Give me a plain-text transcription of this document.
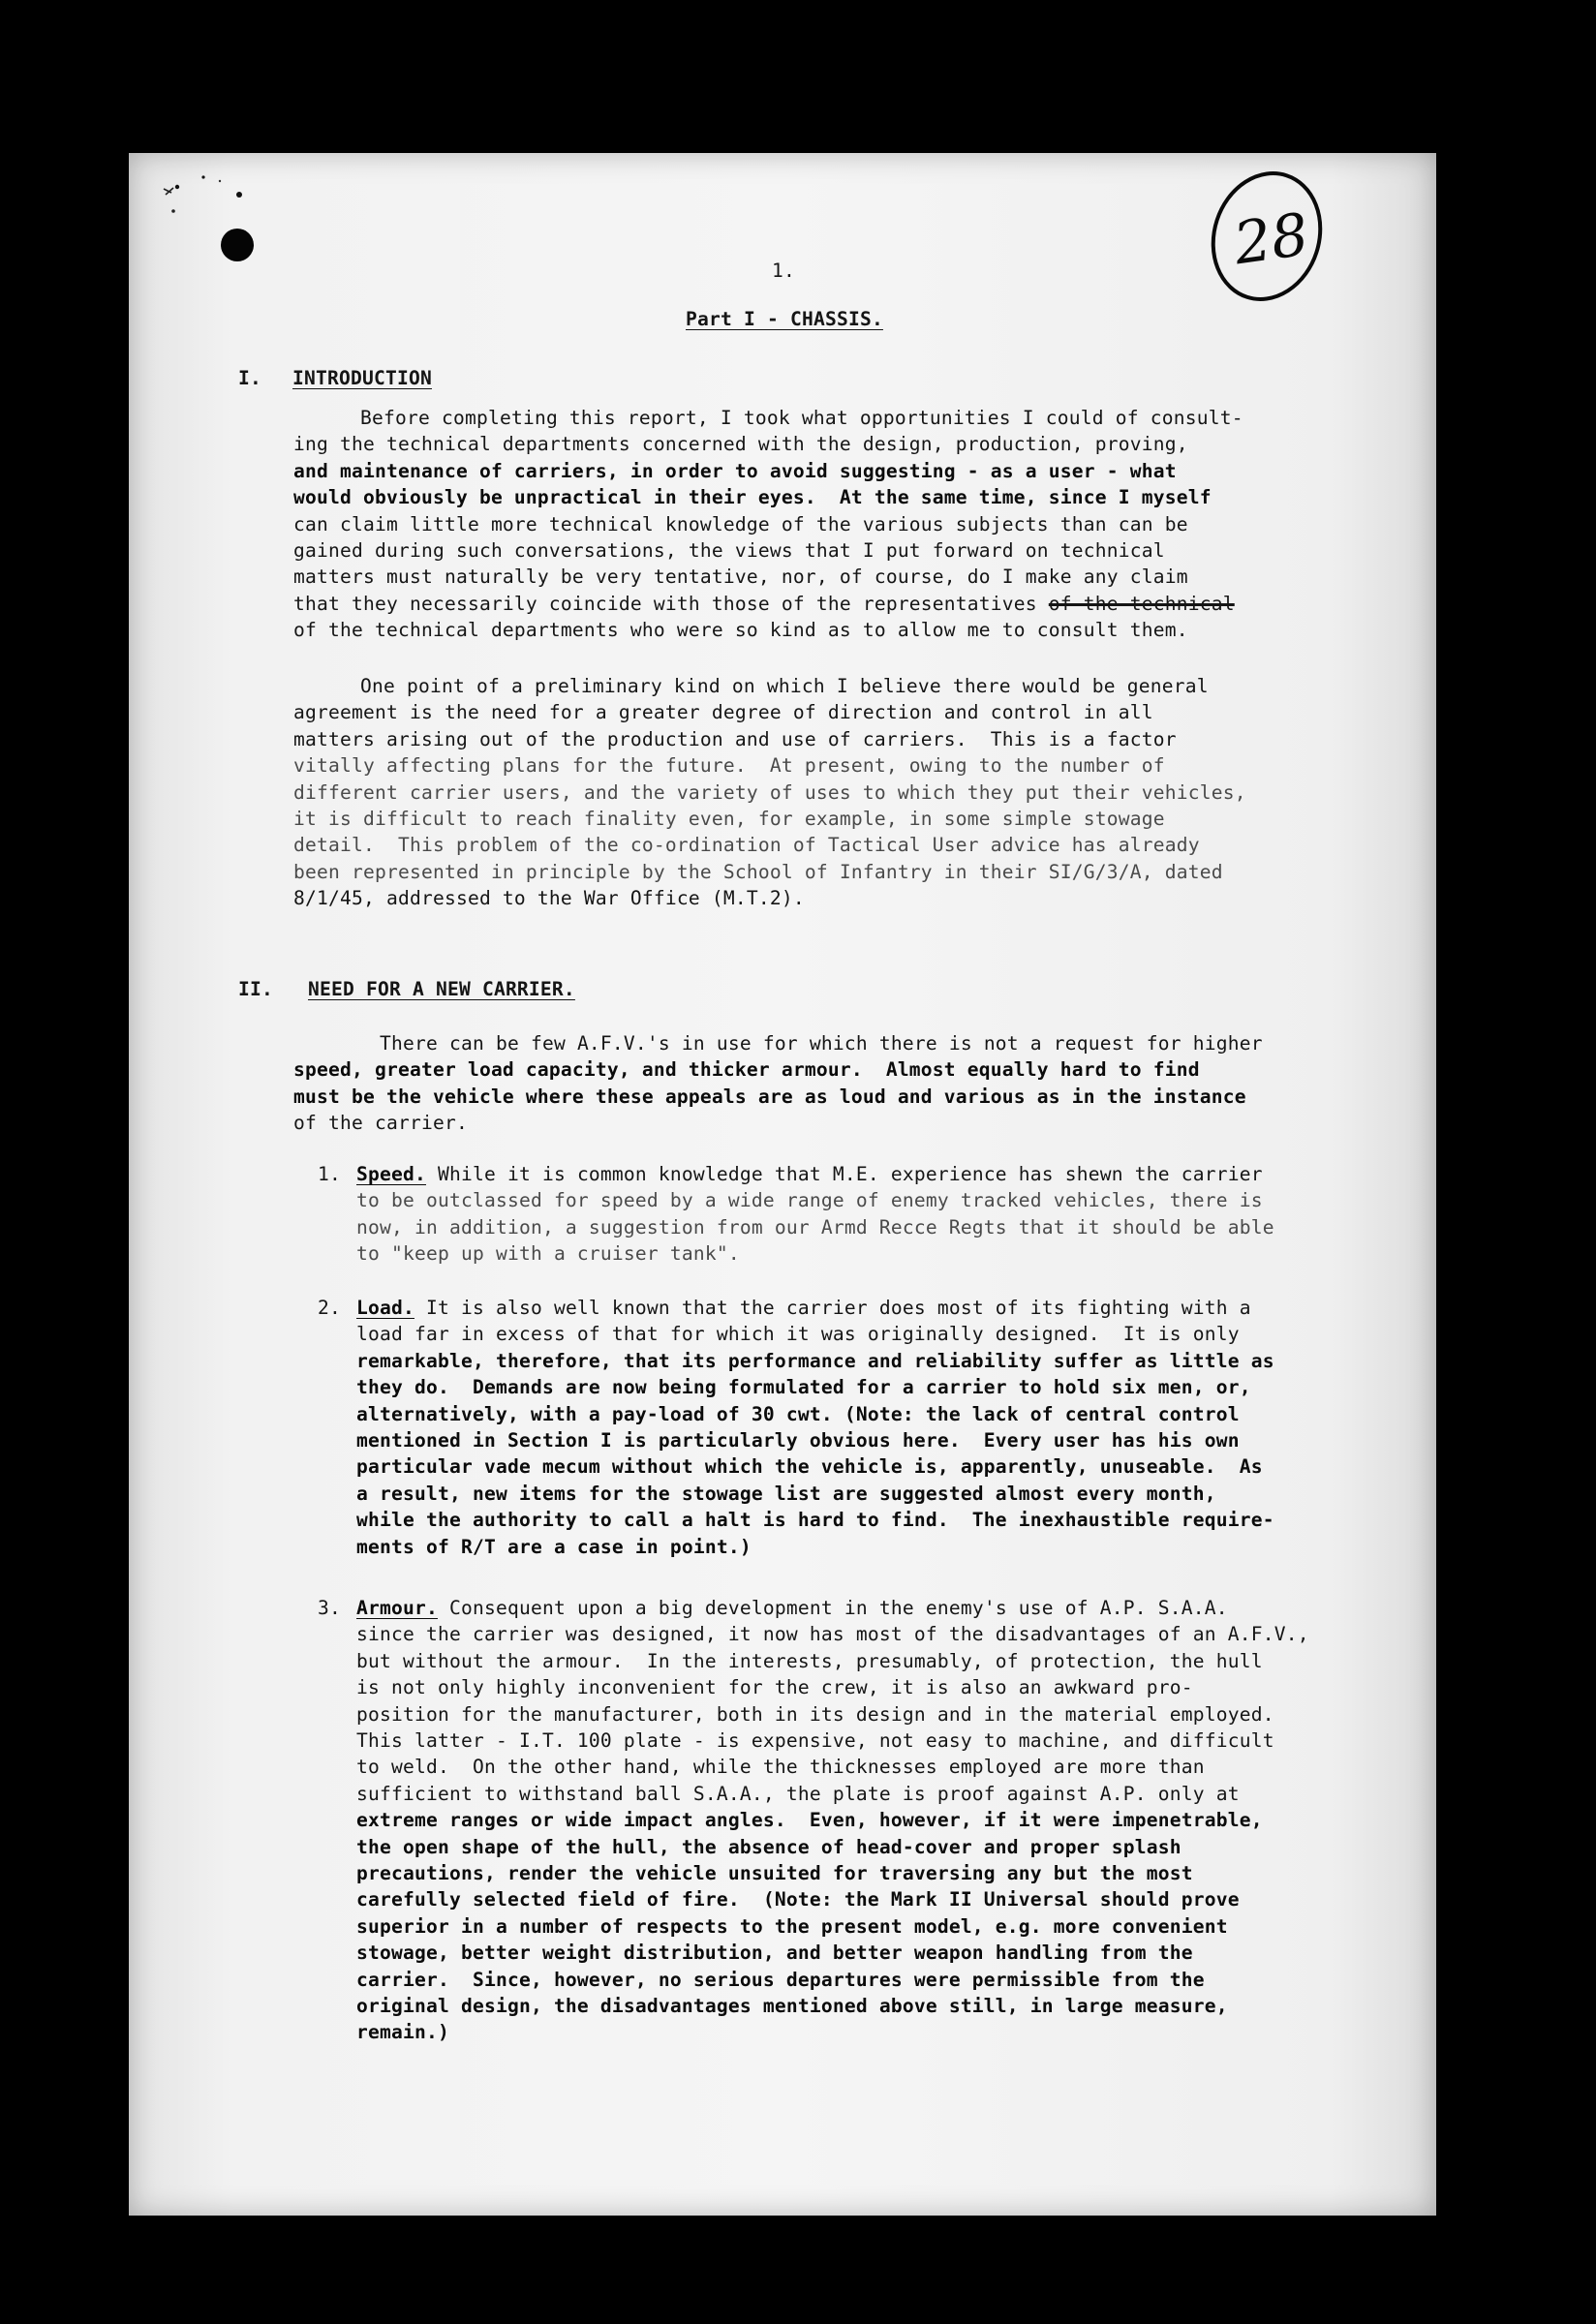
28
1.
Part I - CHASSIS.
I. INTRODUCTION
Before completing this report, I took what opportunities I could of consult-
ing the technical departments concerned with the design, production, proving,
and maintenance of carriers, in order to avoid suggesting - as a user - what
would obviously be unpractical in their eyes.  At the same time, since I myself
can claim little more technical knowledge of the various subjects than can be
gained during such conversations, the views that I put forward on technical
matters must naturally be very tentative, nor, of course, do I make any claim
that they necessarily coincide with those of the representatives of the technical
of the technical departments who were so kind as to allow me to consult them.
One point of a preliminary kind on which I believe there would be general
agreement is the need for a greater degree of direction and control in all
matters arising out of the production and use of carriers.  This is a factor
vitally affecting plans for the future.  At present, owing to the number of
different carrier users, and the variety of uses to which they put their vehicles,
it is difficult to reach finality even, for example, in some simple stowage
detail.  This problem of the co-ordination of Tactical User advice has already
been represented in principle by the School of Infantry in their SI/G/3/A, dated
8/1/45, addressed to the War Office (M.T.2).
II. NEED FOR A NEW CARRIER.
There can be few A.F.V.'s in use for which there is not a request for higher
speed, greater load capacity, and thicker armour.  Almost equally hard to find
must be the vehicle where these appeals are as loud and various as in the instance
of the carrier.
1. Speed. While it is common knowledge that M.E. experience has shewn the carrier
to be outclassed for speed by a wide range of enemy tracked vehicles, there is
now, in addition, a suggestion from our Armd Recce Regts that it should be able
to "keep up with a cruiser tank".
2. Load. It is also well known that the carrier does most of its fighting with a
load far in excess of that for which it was originally designed.  It is only
remarkable, therefore, that its performance and reliability suffer as little as
they do.  Demands are now being formulated for a carrier to hold six men, or,
alternatively, with a pay-load of 30 cwt. (Note: the lack of central control
mentioned in Section I is particularly obvious here.  Every user has his own
particular vade mecum without which the vehicle is, apparently, unuseable.  As
a result, new items for the stowage list are suggested almost every month,
while the authority to call a halt is hard to find.  The inexhaustible require-
ments of R/T are a case in point.)
3. Armour. Consequent upon a big development in the enemy's use of A.P. S.A.A.
since the carrier was designed, it now has most of the disadvantages of an A.F.V.,
but without the armour.  In the interests, presumably, of protection, the hull
is not only highly inconvenient for the crew, it is also an awkward pro-
position for the manufacturer, both in its design and in the material employed.
This latter - I.T. 100 plate - is expensive, not easy to machine, and difficult
to weld.  On the other hand, while the thicknesses employed are more than
sufficient to withstand ball S.A.A., the plate is proof against A.P. only at
extreme ranges or wide impact angles.  Even, however, if it were impenetrable,
the open shape of the hull, the absence of head-cover and proper splash
precautions, render the vehicle unsuited for traversing any but the most
carefully selected field of fire.  (Note: the Mark II Universal should prove
superior in a number of respects to the present model, e.g. more convenient
stowage, better weight distribution, and better weapon handling from the
carrier.  Since, however, no serious departures were permissible from the
original design, the disadvantages mentioned above still, in large measure,
remain.)
